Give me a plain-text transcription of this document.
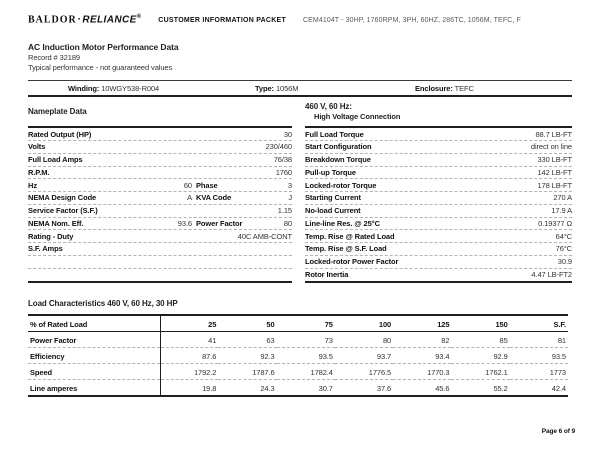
BALDOR·RELIANCE®
CUSTOMER INFORMATION PACKET CEM4104T - 30HP, 1760RPM, 3PH, 60HZ, 286TC, 1056M, TEFC, F
AC Induction Motor Performance Data
Record # 32189
Typical performance - not guaranteed values
Winding: 10WGY538-R004	Type: 1056M	Enclosure: TEFC
Nameplate Data
Rated Output (HP)	30
Volts	230/460
Full Load Amps	76/38
R.P.M.	1760
Hz	60 Phase	3
NEMA Design Code	A KVA Code	J
Service Factor (S.F.)	1.15
NEMA Nom. Eff.	93.6 Power Factor	80
Rating - Duty	40C AMB-CONT
S.F. Amps
460 V, 60 Hz:
High Voltage Connection
Full Load Torque	88.7 LB-FT
Start Configuration	direct on line
Breakdown Torque	330 LB-FT
Pull-up Torque	142 LB-FT
Locked-rotor Torque	178 LB-FT
Starting Current	270 A
No-load Current	17.9 A
Line-line Res. @ 25°C	0.19377 Ω
Temp. Rise @ Rated Load	64°C
Temp. Rise @ S.F. Load	76°C
Locked-rotor Power Factor	30.9
Rotor Inertia	4.47 LB-FT2
Load Characteristics 460 V, 60 Hz, 30 HP
% of Rated Load	25	50	75	100	125	150	S.F.
Power Factor	41	63	73	80	82	85	81
Efficiency	87.6	92.3	93.5	93.7	93.4	92.9	93.5
Speed	1792.2	1787.6	1782.4	1776.5	1770.3	1762.1	1773
Line amperes	19.8	24.3	30.7	37.6	45.6	55.2	42.4
Page 6 of 9
